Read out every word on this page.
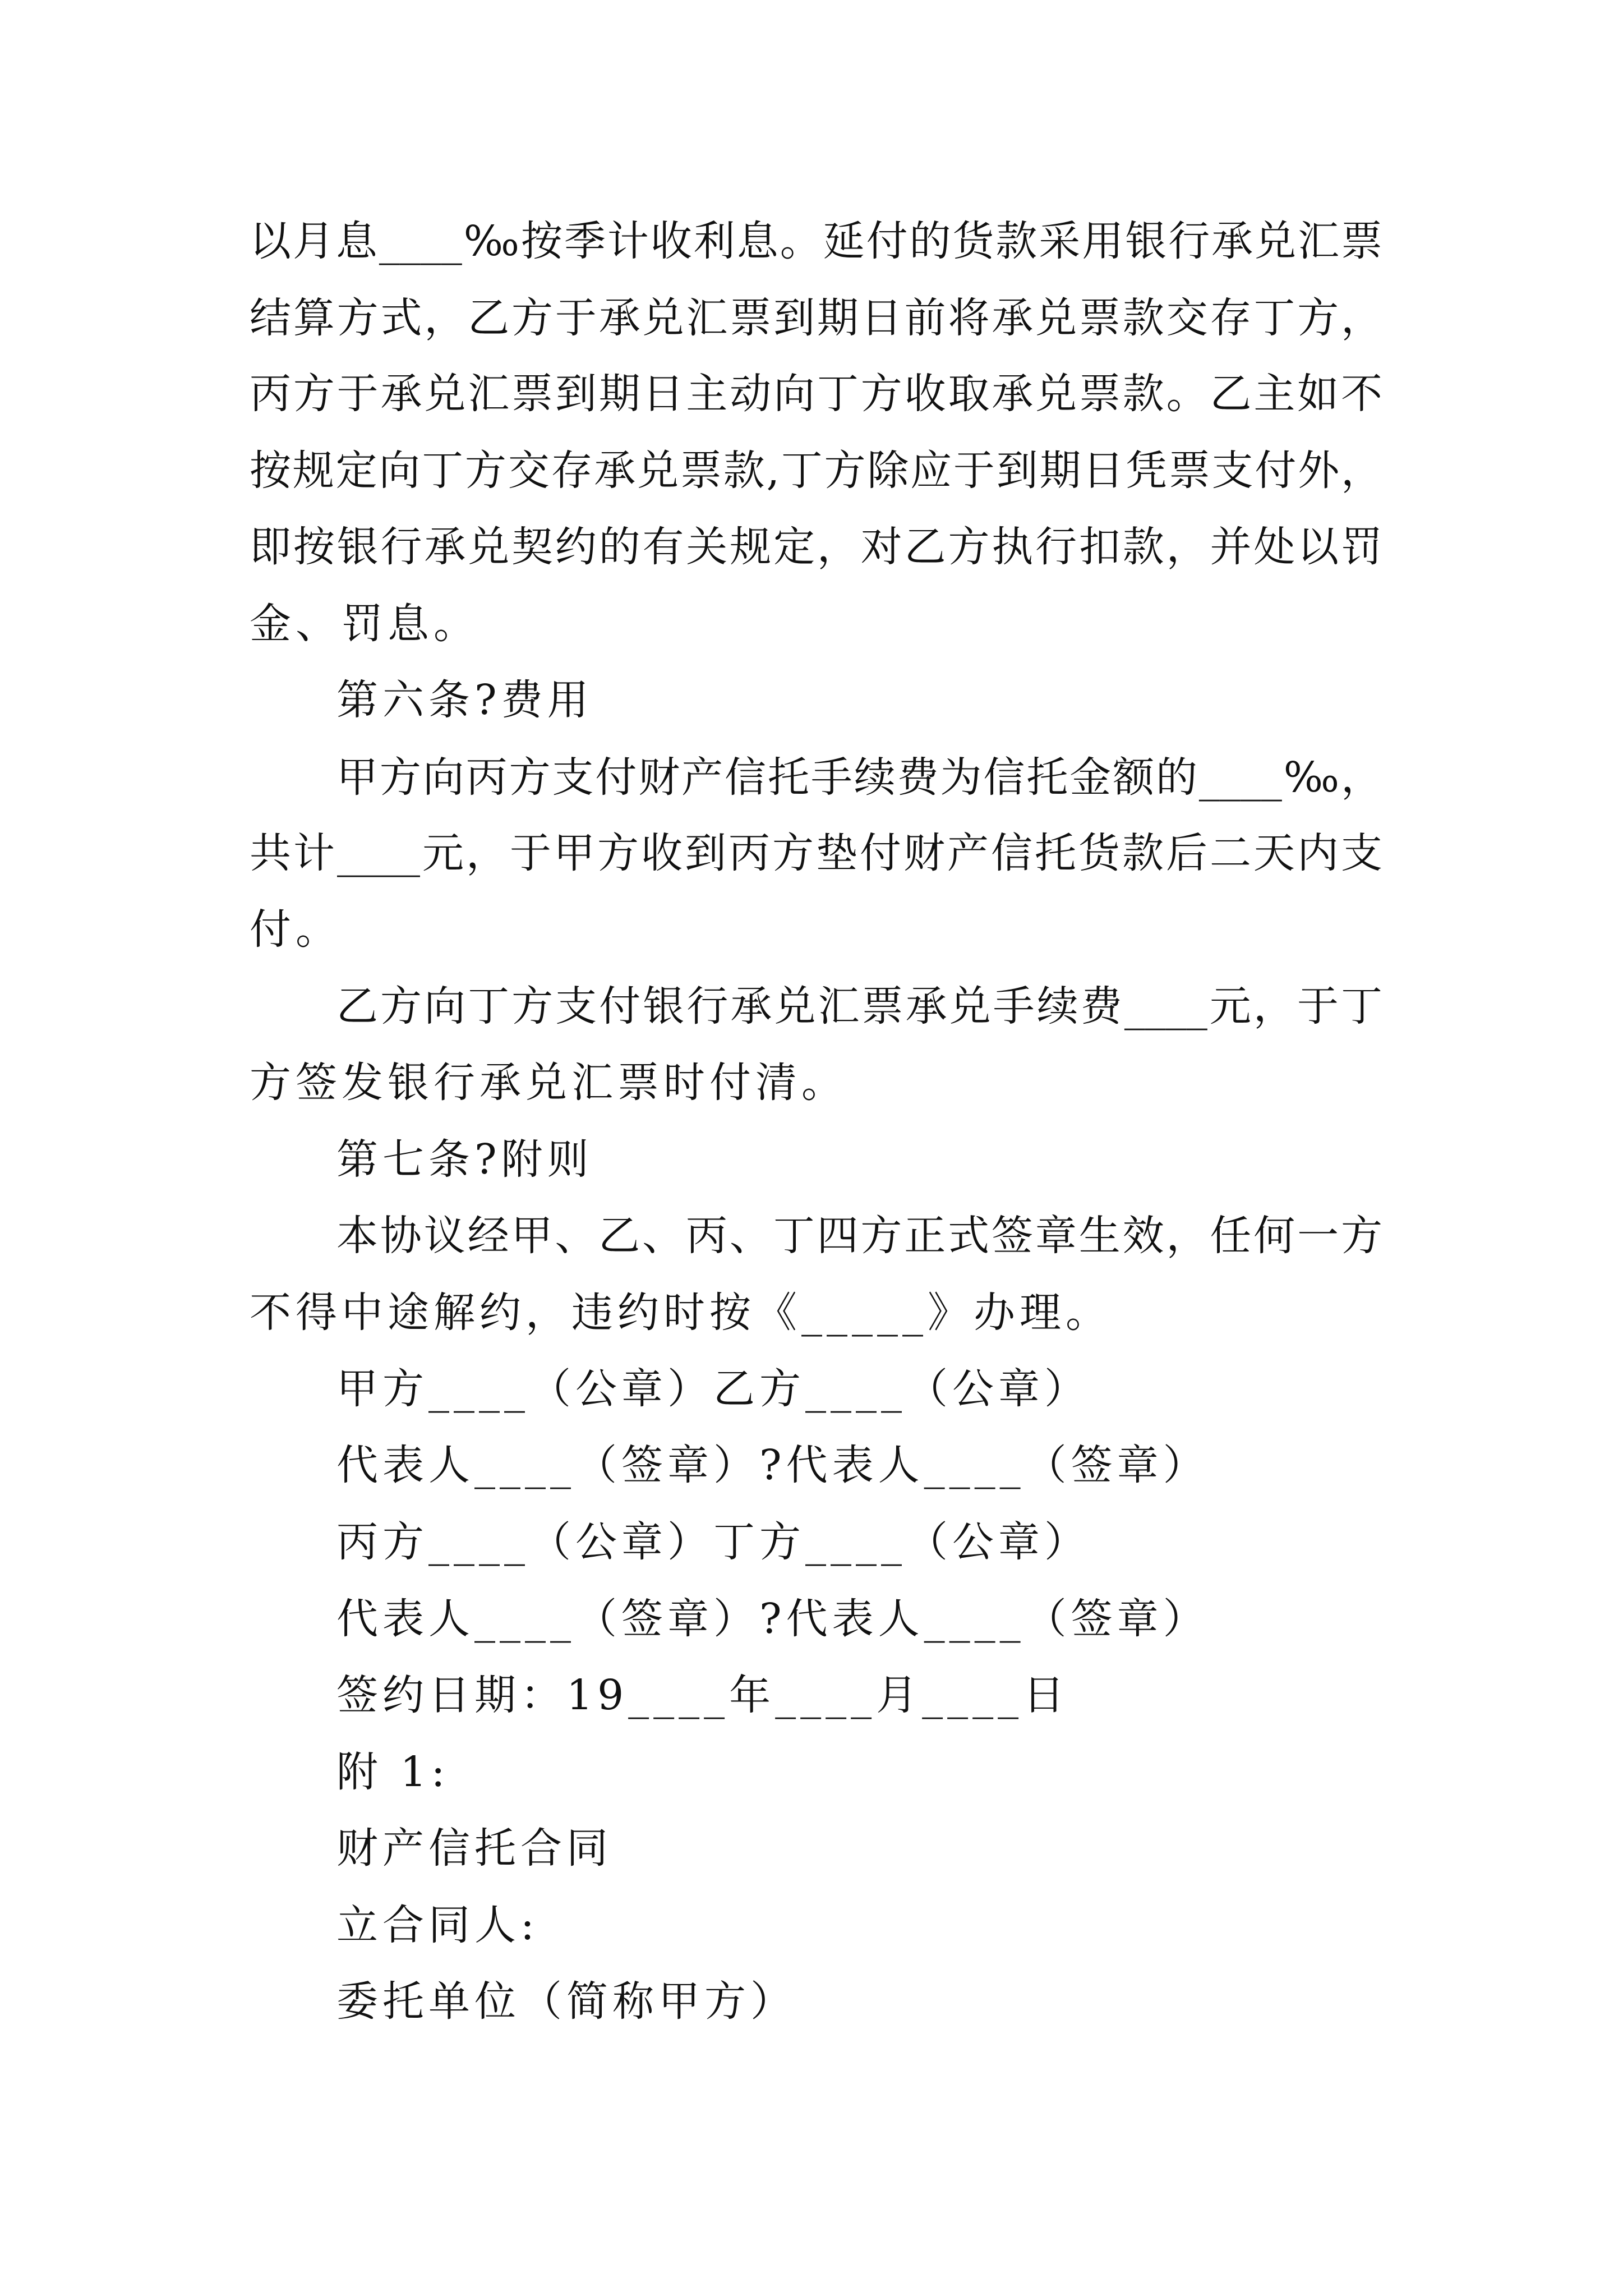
以月息____‰按季计收利息。延付的货款采用银行承兑汇票
结算方式，乙方于承兑汇票到期日前将承兑票款交存丁方，
丙方于承兑汇票到期日主动向丁方收取承兑票款。乙主如不
按规定向丁方交存承兑票款,丁方除应于到期日凭票支付外，
即按银行承兑契约的有关规定，对乙方执行扣款，并处以罚
金、罚息。
第六条?费用
甲方向丙方支付财产信托手续费为信托金额的____‰，
共计____元，于甲方收到丙方垫付财产信托货款后二天内支
付。
乙方向丁方支付银行承兑汇票承兑手续费____元，于丁
方签发银行承兑汇票时付清。
第七条?附则
本协议经甲、乙、丙、丁四方正式签章生效，任何一方
不得中途解约，违约时按《_____》办理。
甲方____（公章）乙方____（公章）
代表人____（签章）?代表人____（签章）
丙方____（公章）丁方____（公章）
代表人____（签章）?代表人____（签章）
签约日期：19____年____月____日
附 1:
财产信托合同
立合同人:
委托单位（简称甲方）
